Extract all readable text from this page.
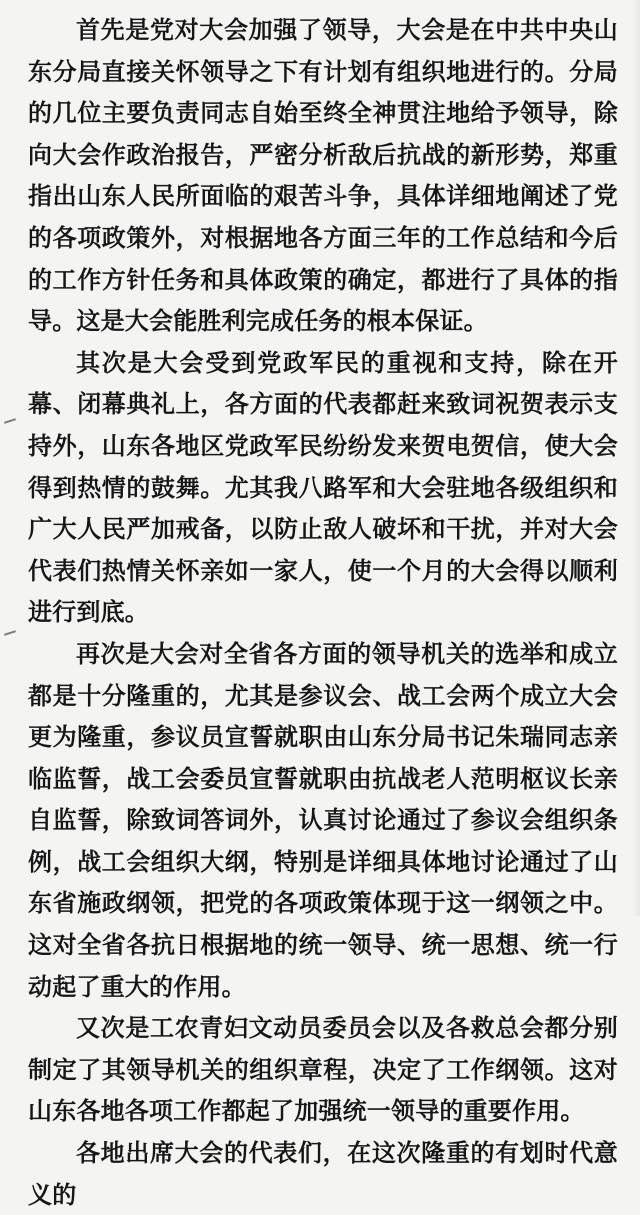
首先是党对大会加强了领导，大会是在中共中央山东分局直接关怀领导之下有计划有组织地进行的。分局的几位主要负责同志自始至终全神贯注地给予领导，除向大会作政治报告，严密分析敌后抗战的新形势，郑重指出山东人民所面临的艰苦斗争，具体详细地阐述了党的各项政策外，对根据地各方面三年的工作总结和今后的工作方针任务和具体政策的确定，都进行了具体的指导。这是大会能胜利完成任务的根本保证。

其次是大会受到党政军民的重视和支持，除在开幕、闭幕典礼上，各方面的代表都赶来致词祝贺表示支持外，山东各地区党政军民纷纷发来贺电贺信，使大会得到热情的鼓舞。尤其我八路军和大会驻地各级组织和广大人民严加戒备，以防止敌人破坏和干扰，并对大会代表们热情关怀亲如一家人，使一个月的大会得以顺利进行到底。

再次是大会对全省各方面的领导机关的选举和成立都是十分隆重的，尤其是参议会、战工会两个成立大会更为隆重，参议员宣誓就职由山东分局书记朱瑞同志亲临监誓，战工会委员宣誓就职由抗战老人范明枢议长亲自监誓，除致词答词外，认真讨论通过了参议会组织条例，战工会组织大纲，特别是详细具体地讨论通过了山东省施政纲领，把党的各项政策体现于这一纲领之中。这对全省各抗日根据地的统一领导、统一思想、统一行动起了重大的作用。

又次是工农青妇文动员委员会以及各救总会都分别制定了其领导机关的组织章程，决定了工作纲领。这对山东各地各项工作都起了加强统一领导的重要作用。

各地出席大会的代表们，在这次隆重的有划时代意义的
